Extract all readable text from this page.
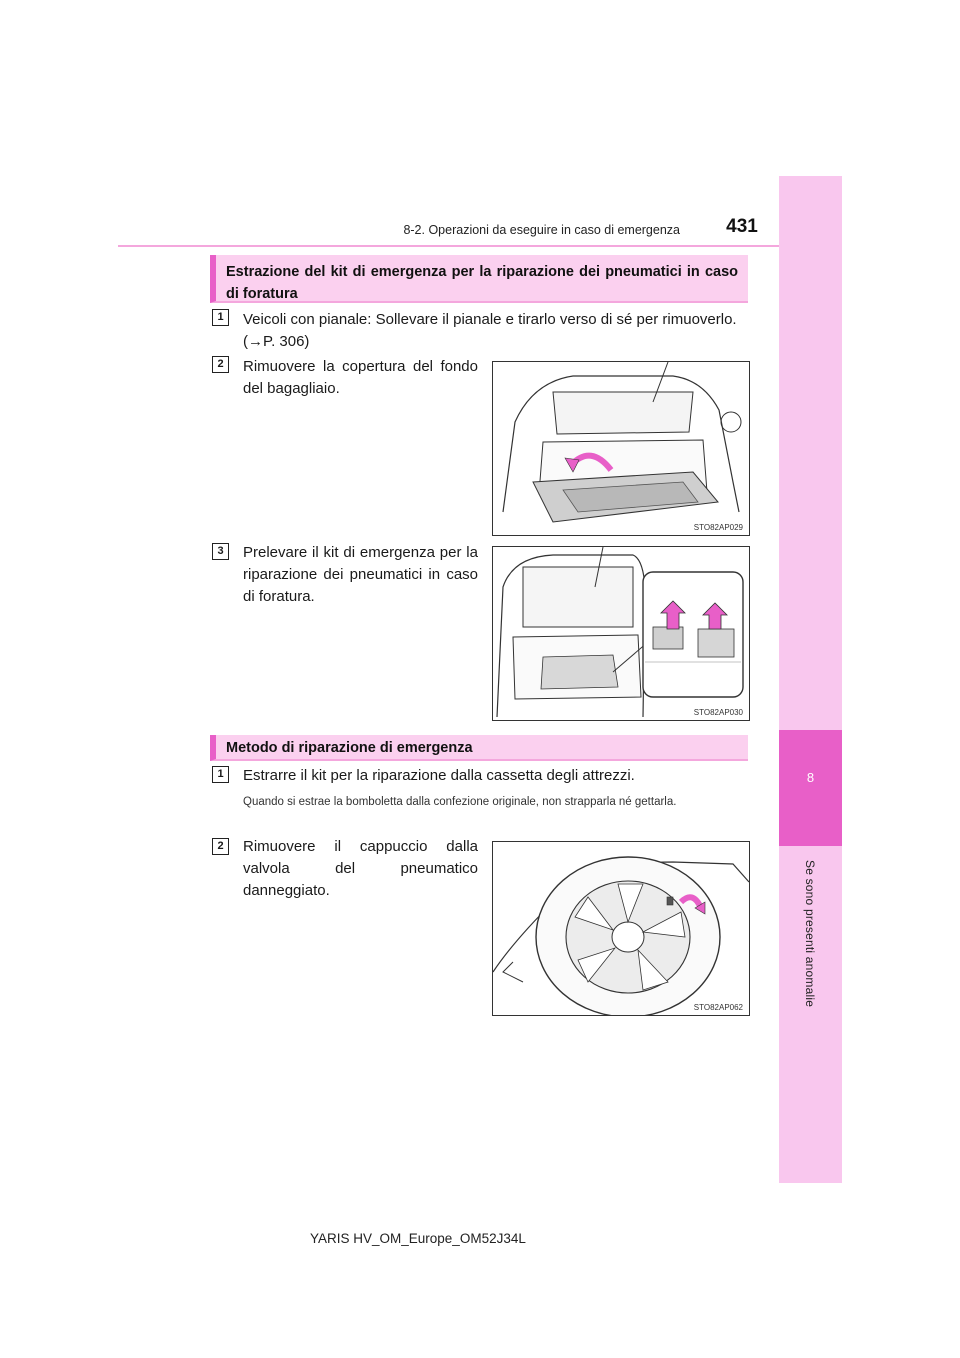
8
Se sono presenti anomalie
8-2. Operazioni da eseguire in caso di emergenza	431
Estrazione del kit di emergenza per la riparazione dei pneumatici in caso di foratura
1	Veicoli con pianale: Sollevare il pianale e tirarlo verso di sé per rimuoverlo.
(→P. 306)
2	Rimuovere la copertura del fondo del bagagliaio.
STO82AP029
3	Prelevare il kit di emergenza per la riparazione dei pneumatici in caso di foratura.
STO82AP030
Metodo di riparazione di emergenza
1	Estrarre il kit per la riparazione dalla cassetta degli attrezzi.
Quando si estrae la bomboletta dalla confezione originale, non strapparla né gettarla.
2	Rimuovere il cappuccio dalla valvola del pneumatico danneggiato.
STO82AP062
YARIS HV_OM_Europe_OM52J34L
